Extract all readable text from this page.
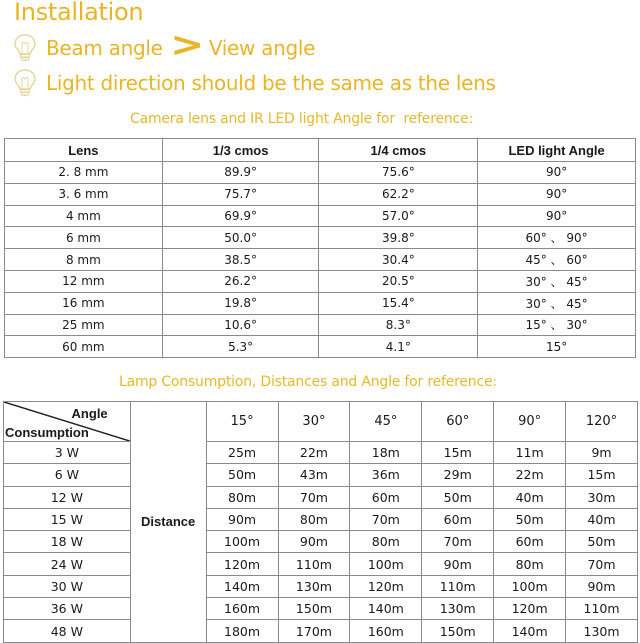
Installation
Beam angle > View angle
Light direction should be the same as the lens
Camera lens and IR LED light Angle for  reference:
Lens	1/3 cmos	1/4 cmos	LED light Angle
2. 8 mm	89.9°	75.6°	90°
3. 6 mm	75.7°	62.2°	90°
4 mm	69.9°	57.0°	90°
6 mm	50.0°	39.8°	60° 、 90°
8 mm	38.5°	30.4°	45° 、 60°
12 mm	26.2°	20.5°	30° 、 45°
16 mm	19.8°	15.4°	30° 、 45°
25 mm	10.6°	8.3°	15° 、 30°
60 mm	5.3°	4.1°	15°
Lamp Consumption, Distances and Angle for reference:
Angle
Consumption	Distance	15°	30°	45°	60°	90°	120°
3 W		25m	22m	18m	15m	11m	9m
6 W		50m	43m	36m	29m	22m	15m
12 W		80m	70m	60m	50m	40m	30m
15 W		90m	80m	70m	60m	50m	40m
18 W		100m	90m	80m	70m	60m	50m
24 W		120m	110m	100m	90m	80m	70m
30 W		140m	130m	120m	110m	100m	90m
36 W		160m	150m	140m	130m	120m	110m
48 W		180m	170m	160m	150m	140m	130m
